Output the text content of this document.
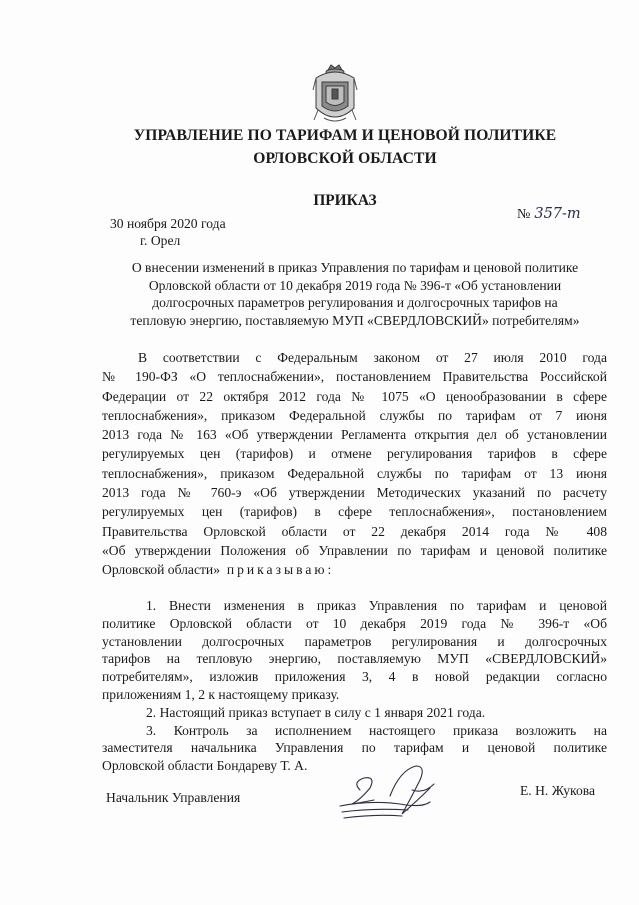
УПРАВЛЕНИЕ ПО ТАРИФАМ И ЦЕНОВОЙ ПОЛИТИКЕ
ОРЛОВСКОЙ ОБЛАСТИ
ПРИКАЗ
30 ноября 2020 года
г. Орел
№ 357-т
О внесении изменений в приказ Управления по тарифам и ценовой политике
Орловской области от 10 декабря 2019 года № 396-т «Об установлении
долгосрочных параметров регулирования и долгосрочных тарифов на
тепловую энергию, поставляемую МУП «СВЕРДЛОВСКИЙ» потребителям»
В соответствии с Федеральным законом от 27 июля 2010 года
№ 190-ФЗ «О теплоснабжении», постановлением Правительства Российской
Федерации от 22 октября 2012 года № 1075 «О ценообразовании в сфере
теплоснабжения», приказом Федеральной службы по тарифам от 7 июня
2013 года № 163 «Об утверждении Регламента открытия дел об установлении
регулируемых цен (тарифов) и отмене регулирования тарифов в сфере
теплоснабжения», приказом Федеральной службы по тарифам от 13 июня
2013 года № 760-э «Об утверждении Методических указаний по расчету
регулируемых цен (тарифов) в сфере теплоснабжения», постановлением
Правительства Орловской области от 22 декабря 2014 года № 408
«Об утверждении Положения об Управлении по тарифам и ценовой политике
Орловской области» приказываю:
1. Внести изменения в приказ Управления по тарифам и ценовой
политике Орловской области от 10 декабря 2019 года № 396-т «Об
установлении долгосрочных параметров регулирования и долгосрочных
тарифов на тепловую энергию, поставляемую МУП «СВЕРДЛОВСКИЙ»
потребителям», изложив приложения 3, 4 в новой редакции согласно
приложениям 1, 2 к настоящему приказу.
2. Настоящий приказ вступает в силу с 1 января 2021 года.
3. Контроль за исполнением настоящего приказа возложить на
заместителя начальника Управления по тарифам и ценовой политике
Орловской области Бондареву Т. А.
Начальник Управления	Е. Н. Жукова
